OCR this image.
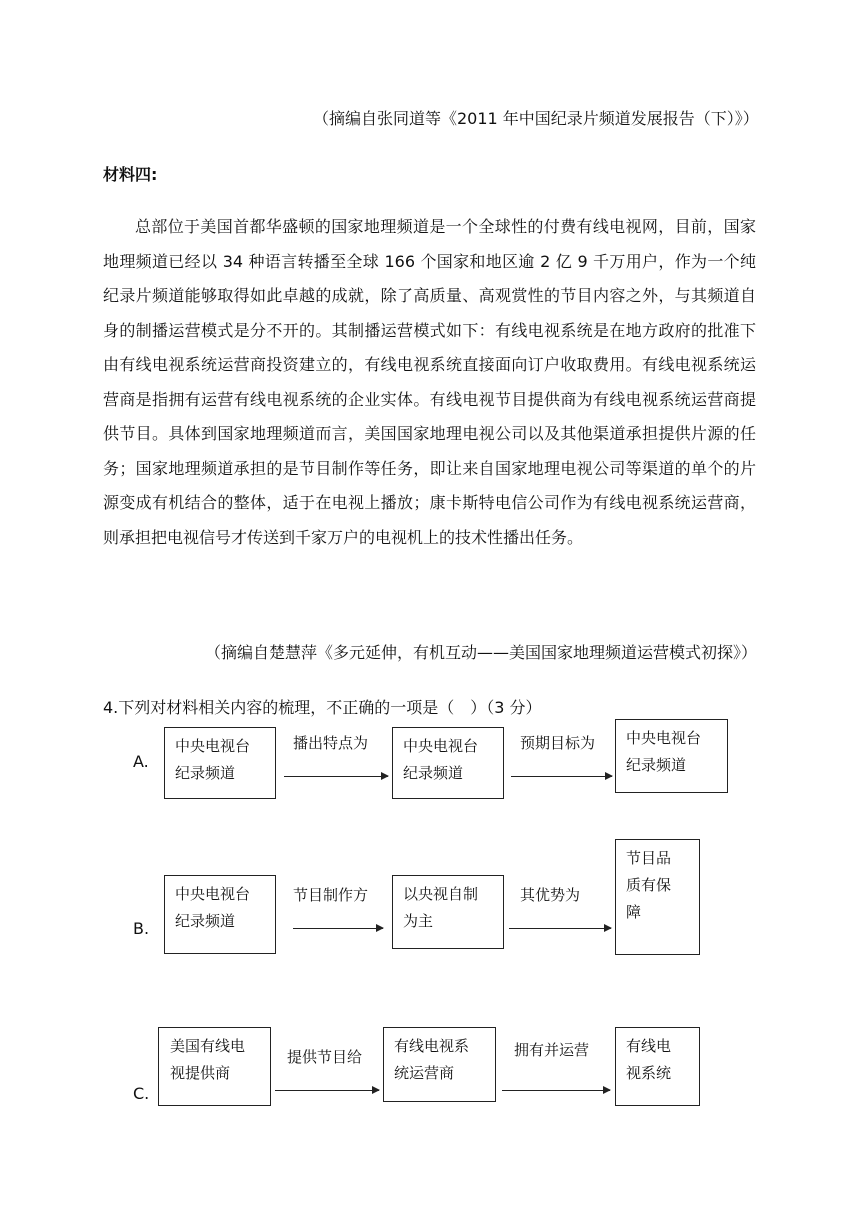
（摘编自张同道等《2011 年中国纪录片频道发展报告（下）》）
材料四:
总部位于美国首都华盛顿的国家地理频道是一个全球性的付费有线电视网，目前，国家地理频道已经以 34 种语言转播至全球 166 个国家和地区逾 2 亿 9 千万用户，作为一个纯纪录片频道能够取得如此卓越的成就，除了高质量、高观赏性的节目内容之外，与其频道自身的制播运营模式是分不开的。其制播运营模式如下：有线电视系统是在地方政府的批准下由有线电视系统运营商投资建立的，有线电视系统直接面向订户收取费用。有线电视系统运营商是指拥有运营有线电视系统的企业实体。有线电视节目提供商为有线电视系统运营商提供节目。具体到国家地理频道而言，美国国家地理电视公司以及其他渠道承担提供片源的任务；国家地理频道承担的是节目制作等任务，即让来自国家地理电视公司等渠道的单个的片源变成有机结合的整体，适于在电视上播放；康卡斯特电信公司作为有线电视系统运营商，则承担把电视信号才传送到千家万户的电视机上的技术性播出任务。
（摘编自楚慧萍《多元延伸，有机互动——美国国家地理频道运营模式初探》）
4.下列对材料相关内容的梳理，不正确的一项是（　）（3 分）
A.
中央电视台
纪录频道
播出特点为 中央电视台
纪录频道
预期目标为 中央电视台
纪录频道
B.
中央电视台
纪录频道
节目制作方 以央视自制
为主
其优势为
节目品
质有保
障
C.
美国有线电
视提供商
提供节目给
有线电视系
统运营商
拥有并运营 有线电
视系统
